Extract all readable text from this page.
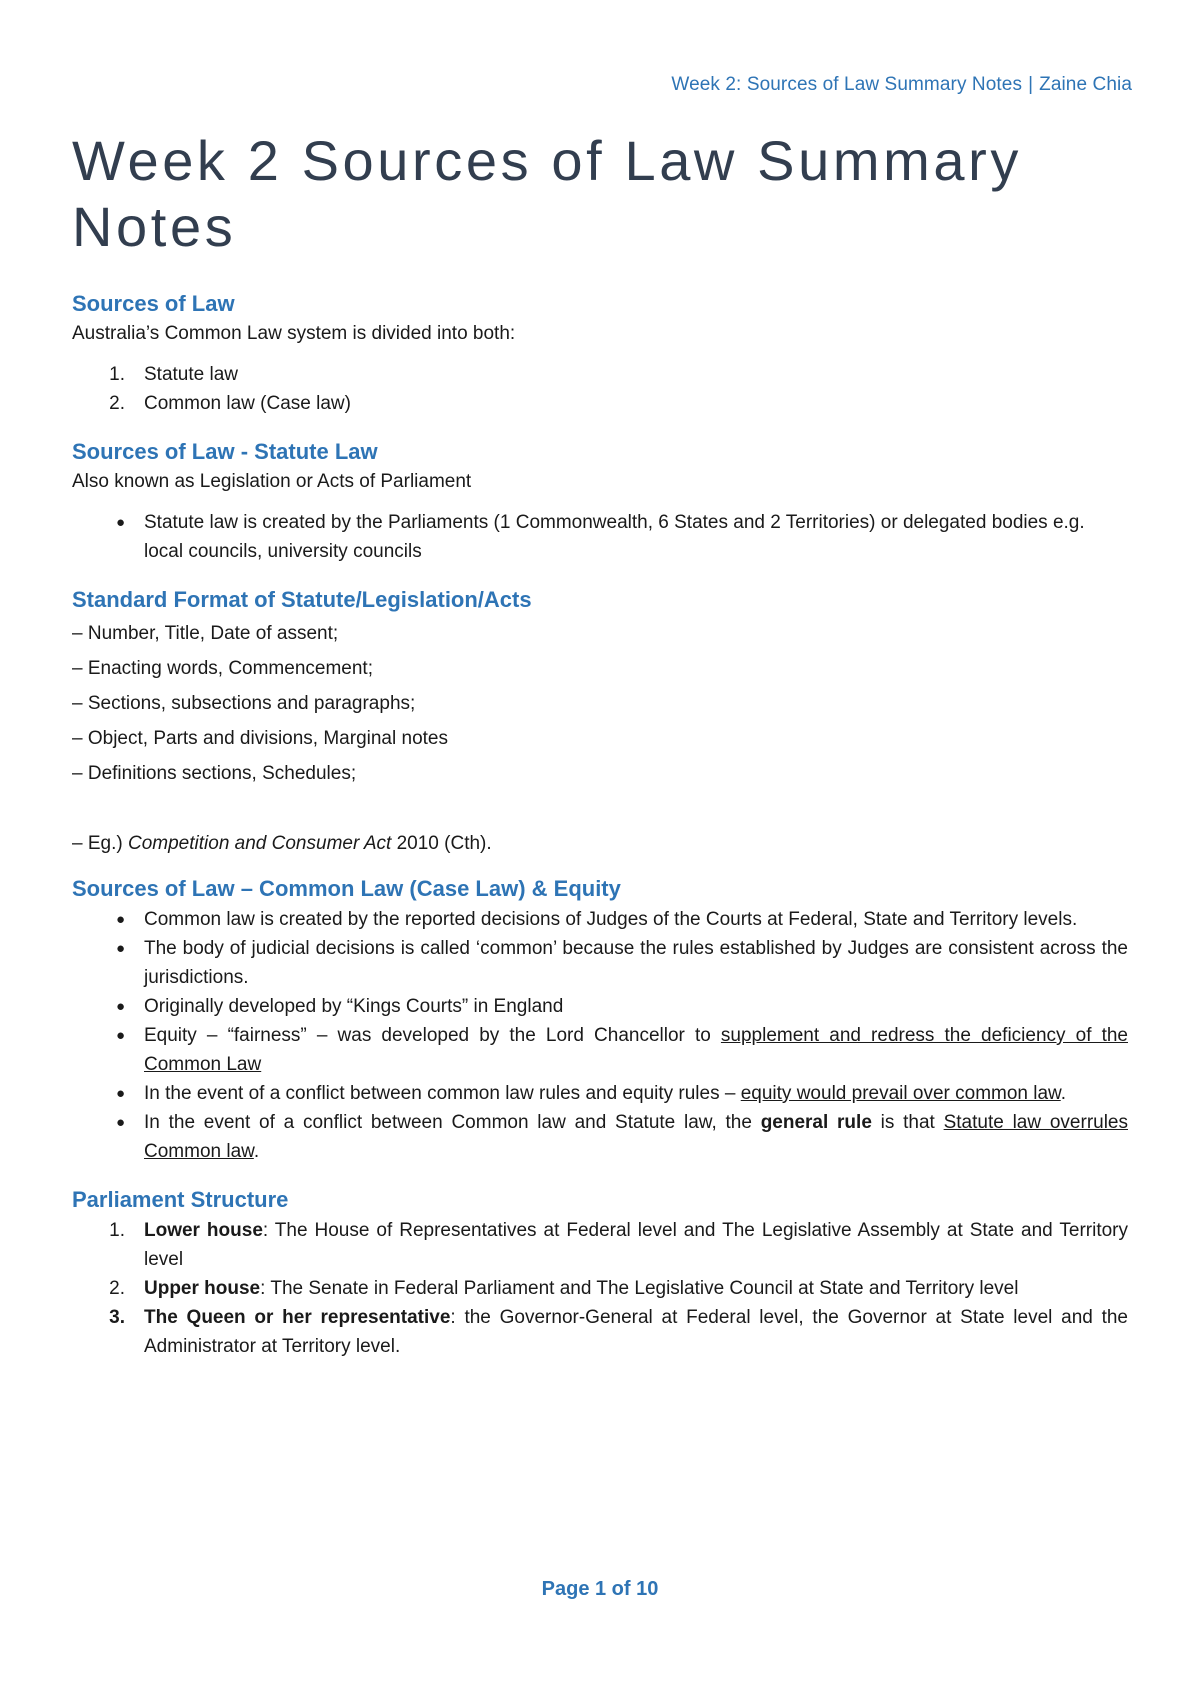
Week 2: Sources of Law Summary Notes | Zaine Chia
Week 2 Sources of Law Summary Notes
Sources of Law

Australia’s Common Law system is divided into both:

1.	Statute law
2.	Common law (Case law)
Sources of Law - Statute Law

Also known as Legislation or Acts of Parliament

●	Statute law is created by the Parliaments (1 Commonwealth, 6 States and 2 Territories) or delegated bodies e.g. local councils, university councils
Standard Format of Statute/Legislation/Acts
– Number, Title, Date of assent;
– Enacting words, Commencement;
– Sections, subsections and paragraphs;
– Object, Parts and divisions, Marginal notes
– Definitions sections, Schedules;
– Eg.) Competition and Consumer Act 2010 (Cth).
Sources of Law – Common Law (Case Law) & Equity
●	Common law is created by the reported decisions of Judges of the Courts at Federal, State and Territory levels.
●	The body of judicial decisions is called ‘common’ because the rules established by Judges are consistent across the jurisdictions.
●	Originally developed by “Kings Courts” in England
●	Equity – “fairness” – was developed by the Lord Chancellor to supplement and redress the deficiency of the Common Law
●	In the event of a conflict between common law rules and equity rules – equity would prevail over common law.
●	In the event of a conflict between Common law and Statute law, the general rule is that Statute law overrules Common law.
Parliament Structure
1.	Lower house: The House of Representatives at Federal level and The Legislative Assembly at State and Territory level
2.	Upper house: The Senate in Federal Parliament and The Legislative Council at State and Territory level
3.	The Queen or her representative: the Governor-General at Federal level, the Governor at State level and the Administrator at Territory level.
Page 1 of 10
